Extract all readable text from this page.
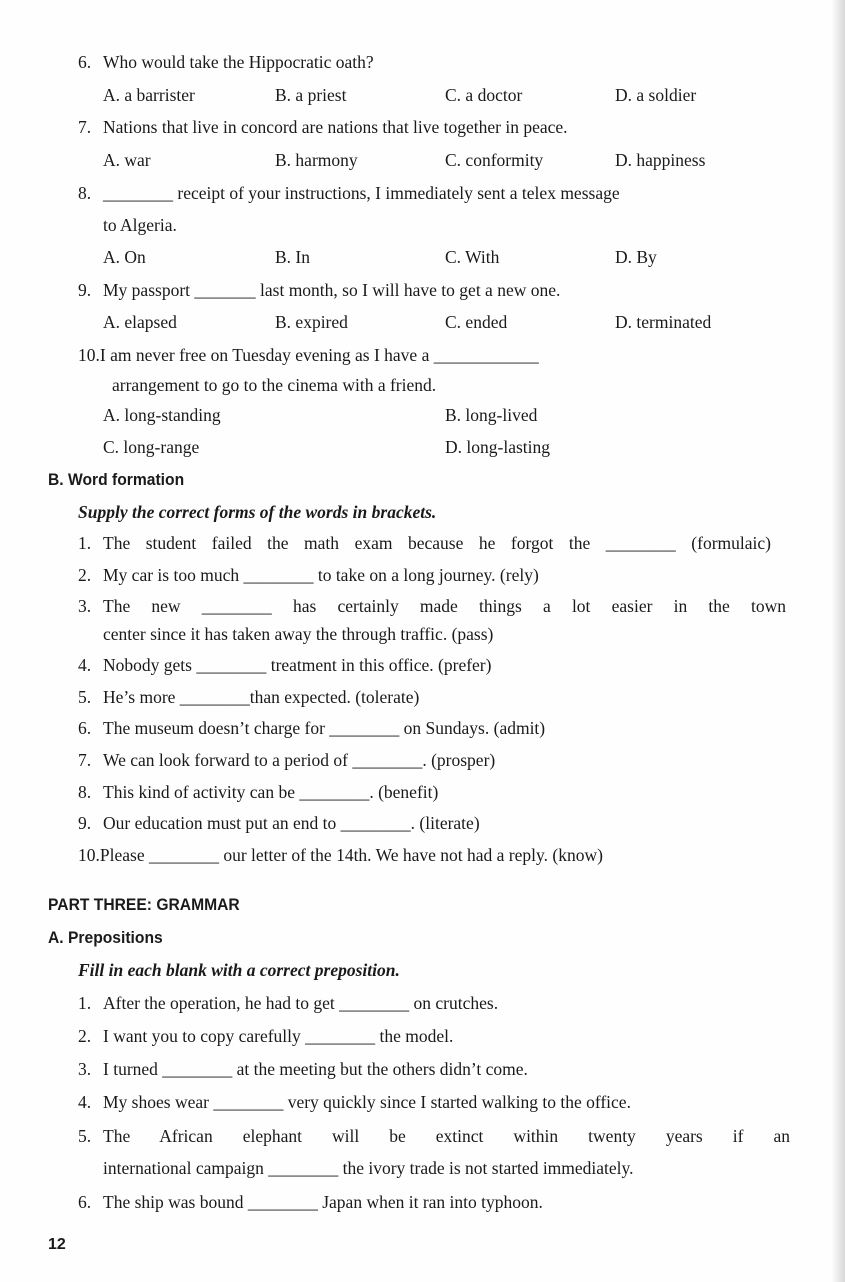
6. Who would take the Hippocratic oath?
A. a barrister	B. a priest	C. a doctor	D. a soldier
7. Nations that live in concord are nations that live together in peace.
A. war	B. harmony	C. conformity	D. happiness
8. ________ receipt of your instructions, I immediately sent a telex message
to Algeria.
A. On	B. In	C. With	D. By
9. My passport _______ last month, so I will have to get a new one.
A. elapsed	B. expired	C. ended	D. terminated
10.I am never free on Tuesday evening as I have a ____________
arrangement to go to the cinema with a friend.
A. long-standing	B. long-lived
C. long-range	D. long-lasting
B. Word formation
Supply the correct forms of the words in brackets.
1. The student failed the math exam because he forgot the ________ (formulaic)
2. My car is too much ________ to take on a long journey. (rely)
3. The new ________ has certainly made things a lot easier in the town
center since it has taken away the through traffic. (pass)
4. Nobody gets ________ treatment in this office. (prefer)
5. He’s more ________than expected. (tolerate)
6. The museum doesn’t charge for ________ on Sundays. (admit)
7. We can look forward to a period of ________. (prosper)
8. This kind of activity can be ________. (benefit)
9. Our education must put an end to ________. (literate)
10.Please ________ our letter of the 14th. We have not had a reply. (know)
PART THREE: GRAMMAR
A. Prepositions
Fill in each blank with a correct preposition.
1. After the operation, he had to get ________ on crutches.
2. I want you to copy carefully ________ the model.
3. I turned ________ at the meeting but the others didn’t come.
4. My shoes wear ________ very quickly since I started walking to the office.
5. The African elephant will be extinct within twenty years if an
international campaign ________ the ivory trade is not started immediately.
6. The ship was bound ________ Japan when it ran into typhoon.
12
